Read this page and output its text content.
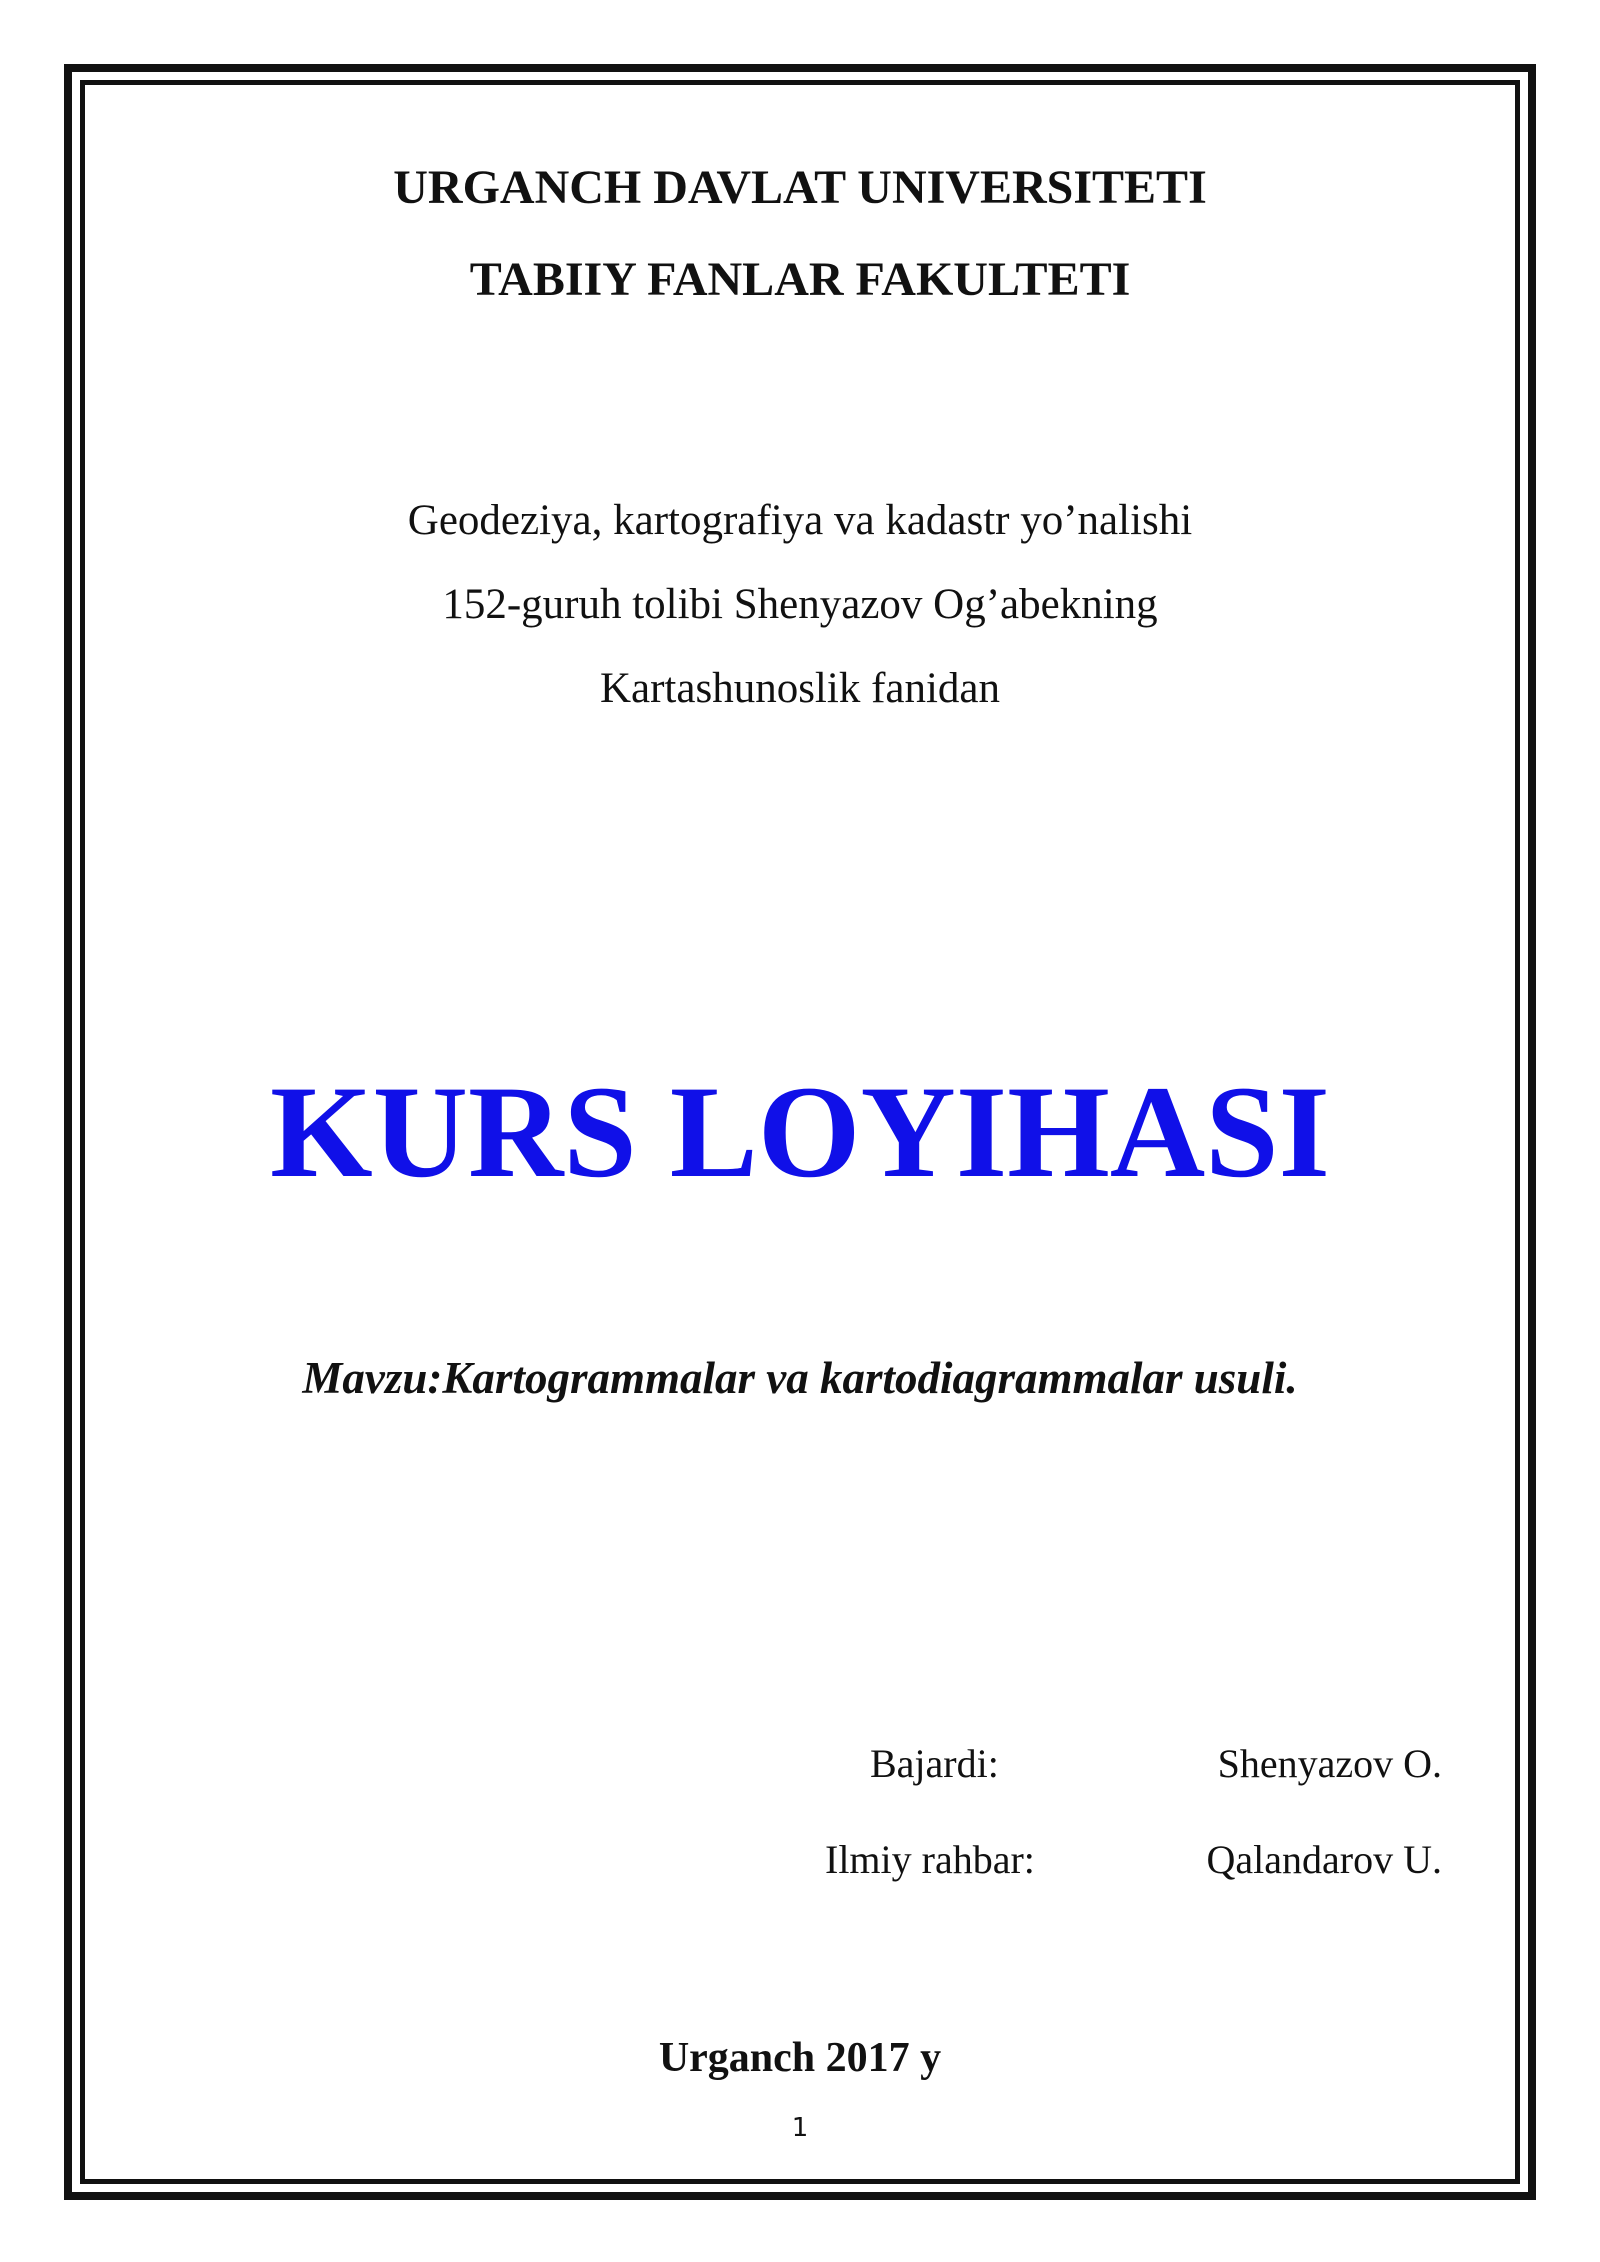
URGANCH DAVLAT UNIVERSITETI
TABIIY FANLAR FAKULTETI
Geodeziya, kartografiya va kadastr yo’nalishi
152-guruh tolibi Shenyazov Og’abekning
Kartashunoslik fanidan
KURS LOYIHASI
Mavzu:Kartogrammalar va kartodiagrammalar usuli.
Bajardi:	Shenyazov O.
Ilmiy rahbar:	Qalandarov U.
Urganch 2017 y
1
